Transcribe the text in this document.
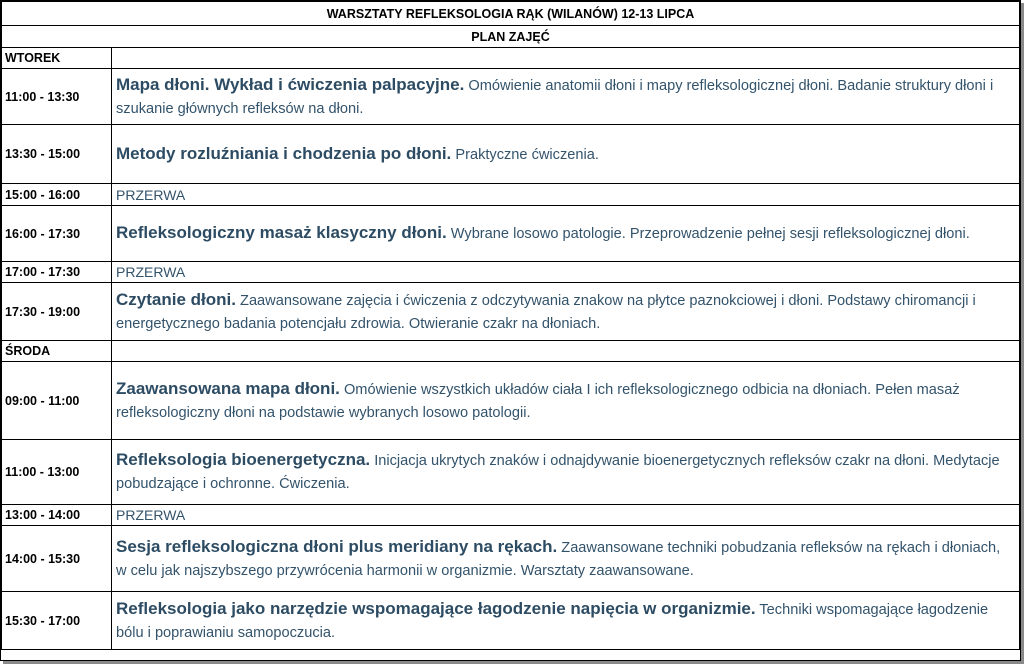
WARSZTATY REFLEKSOLOGIA RĄK (WILANÓW) 12-13 LIPCA	
PLAN ZAJĘĆ	
WTOREK	
11:00 - 13:30	Mapa dłoni. Wykład i ćwiczenia palpacyjne. Omówienie anatomii dłoni i mapy refleksologicznej dłoni. Badanie struktury dłoni i szukanie głównych refleksów na dłoni.
13:30 - 15:00	Metody rozluźniania i chodzenia po dłoni. Praktyczne ćwiczenia.
15:00 - 16:00	PRZERWA
16:00 - 17:30	Refleksologiczny masaż klasyczny dłoni. Wybrane losowo patologie. Przeprowadzenie pełnej sesji refleksologicznej dłoni.
17:00 - 17:30	PRZERWA
17:30 - 19:00	Czytanie dłoni. Zaawansowane zajęcia i ćwiczenia z odczytywania znakow na płytce paznokciowej i dłoni. Podstawy chiromancji i energetycznego badania potencjału zdrowia. Otwieranie czakr na dłoniach.
ŚRODA	
09:00 - 11:00	Zaawansowana mapa dłoni. Omówienie wszystkich układów ciała I ich refleksologicznego odbicia na dłoniach. Pełen masaż refleksologiczny dłoni na podstawie wybranych losowo patologii.
11:00 - 13:00	Refleksologia bioenergetyczna. Inicjacja ukrytych znaków i odnajdywanie bioenergetycznych refleksów czakr na dłoni. Medytacje pobudzające i ochronne. Ćwiczenia.
13:00 - 14:00	PRZERWA
14:00 - 15:30	Sesja refleksologiczna dłoni plus meridiany na rękach. Zaawansowane techniki pobudzania refleksów na rękach i dłoniach, w celu jak najszybszego przywrócenia harmonii w organizmie. Warsztaty zaawansowane.
15:30 - 17:00	Refleksologia jako narzędzie wspomagające łagodzenie napięcia w organizmie. Techniki wspomagające łagodzenie bólu i poprawianiu samopoczucia.
